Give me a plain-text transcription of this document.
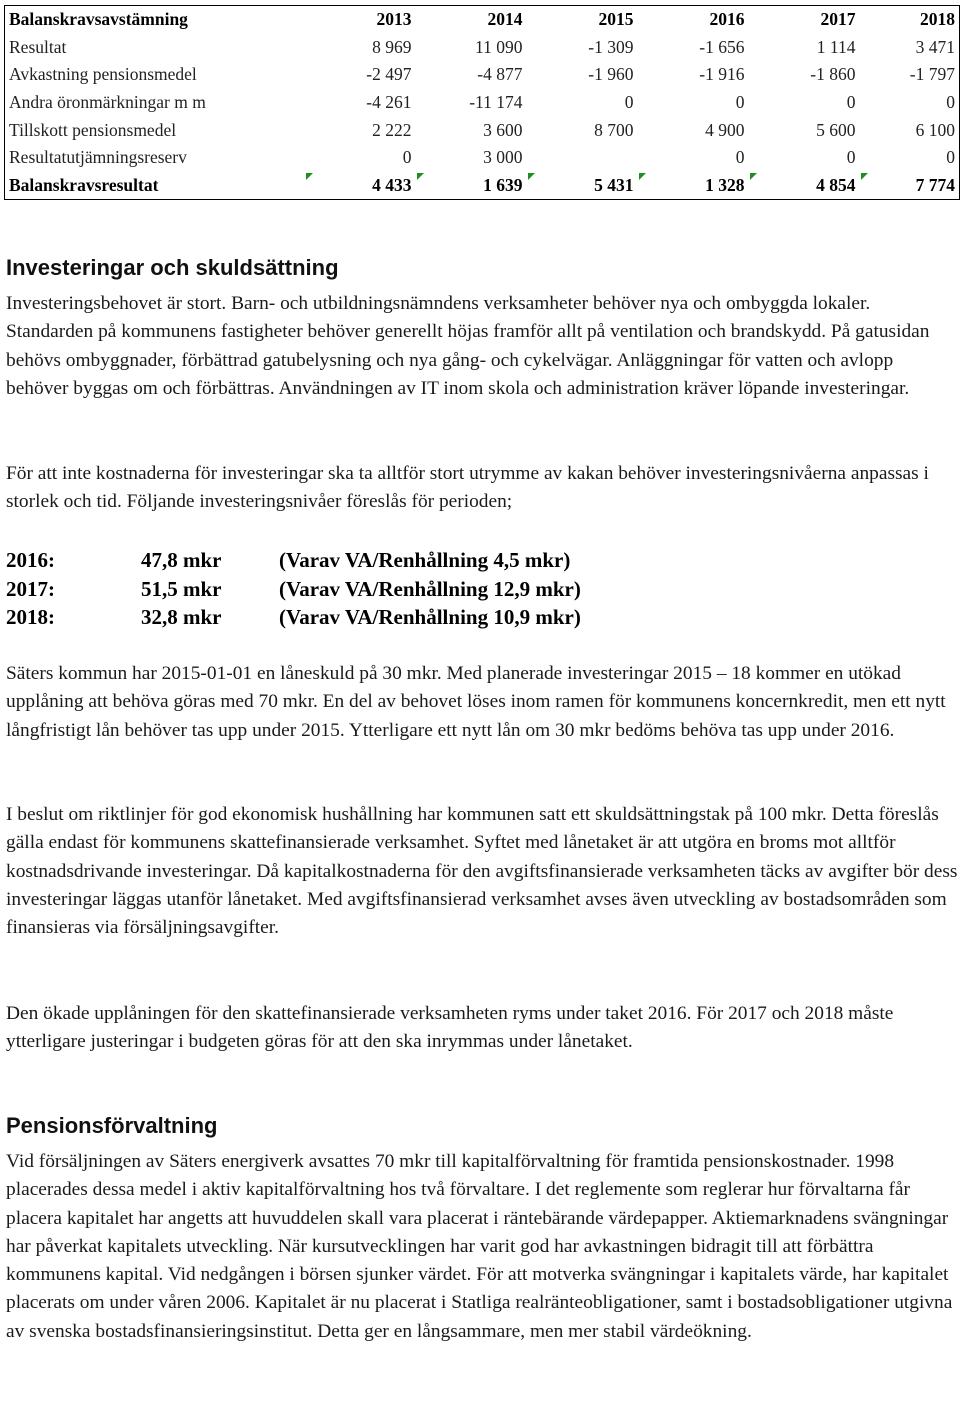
Balanskravsavstämning	2013	2014	2015	2016	2017	2018
Resultat	8 969	11 090	-1 309	-1 656	1 114	3 471
Avkastning pensionsmedel	-2 497	-4 877	-1 960	-1 916	-1 860	-1 797
Andra öronmärkningar m m	-4 261	-11 174	0	0	0	0
Tillskott pensionsmedel	2 222	3 600	8 700	4 900	5 600	6 100
Resultatutjämningsreserv	0	3 000		0	0	0
Balanskravsresultat	4 433	1 639	5 431	1 328	4 854	7 774
Investeringar och skuldsättning

Investeringsbehovet är stort. Barn- och utbildningsnämndens verksamheter behöver nya och ombyggda lokaler. Standarden på kommunens fastigheter behöver generellt höjas framför allt på ventilation och brandskydd. På gatusidan behövs ombyggnader, förbättrad gatubelysning och nya gång- och cykelvägar. Anläggningar för vatten och avlopp behöver byggas om och förbättras. Användningen av IT inom skola och administration kräver löpande investeringar.

För att inte kostnaderna för investeringar ska ta alltför stort utrymme av kakan behöver investeringsnivåerna anpassas i storlek och tid. Följande investeringsnivåer föreslås för perioden;

2016:	47,8 mkr	(Varav VA/Renhållning 4,5 mkr)
2017:	51,5 mkr	(Varav VA/Renhållning 12,9 mkr)
2018:	32,8 mkr	(Varav VA/Renhållning 10,9 mkr)

Säters kommun har 2015-01-01 en låneskuld på 30 mkr. Med planerade investeringar 2015 – 18 kommer en utökad upplåning att behöva göras med 70 mkr. En del av behovet löses inom ramen för kommunens koncernkredit, men ett nytt långfristigt lån behöver tas upp under 2015. Ytterligare ett nytt lån om 30 mkr bedöms behöva tas upp under 2016.

I beslut om riktlinjer för god ekonomisk hushållning har kommunen satt ett skuldsättningstak på 100 mkr. Detta föreslås gälla endast för kommunens skattefinansierade verksamhet. Syftet med lånetaket är att utgöra en broms mot alltför kostnadsdrivande investeringar. Då kapitalkostnaderna för den avgiftsfinansierade verksamheten täcks av avgifter bör dess investeringar läggas utanför lånetaket. Med avgiftsfinansierad verksamhet avses även utveckling av bostadsområden som finansieras via försäljningsavgifter.

Den ökade upplåningen för den skattefinansierade verksamheten ryms under taket 2016. För 2017 och 2018 måste ytterligare justeringar i budgeten göras för att den ska inrymmas under lånetaket.

Pensionsförvaltning

Vid försäljningen av Säters energiverk avsattes 70 mkr till kapitalförvaltning för framtida pensionskostnader. 1998 placerades dessa medel i aktiv kapitalförvaltning hos två förvaltare. I det reglemente som reglerar hur förvaltarna får placera kapitalet har angetts att huvuddelen skall vara placerat i räntebärande värdepapper. Aktiemarknadens svängningar har påverkat kapitalets utveckling. När kursutvecklingen har varit god har avkastningen bidragit till att förbättra kommunens kapital. Vid nedgången i börsen sjunker värdet. För att motverka svängningar i kapitalets värde, har kapitalet placerats om under våren 2006. Kapitalet är nu placerat i Statliga realränteobligationer, samt i bostadsobligationer utgivna av svenska bostadsfinansieringsinstitut. Detta ger en långsammare, men mer stabil värdeökning.
